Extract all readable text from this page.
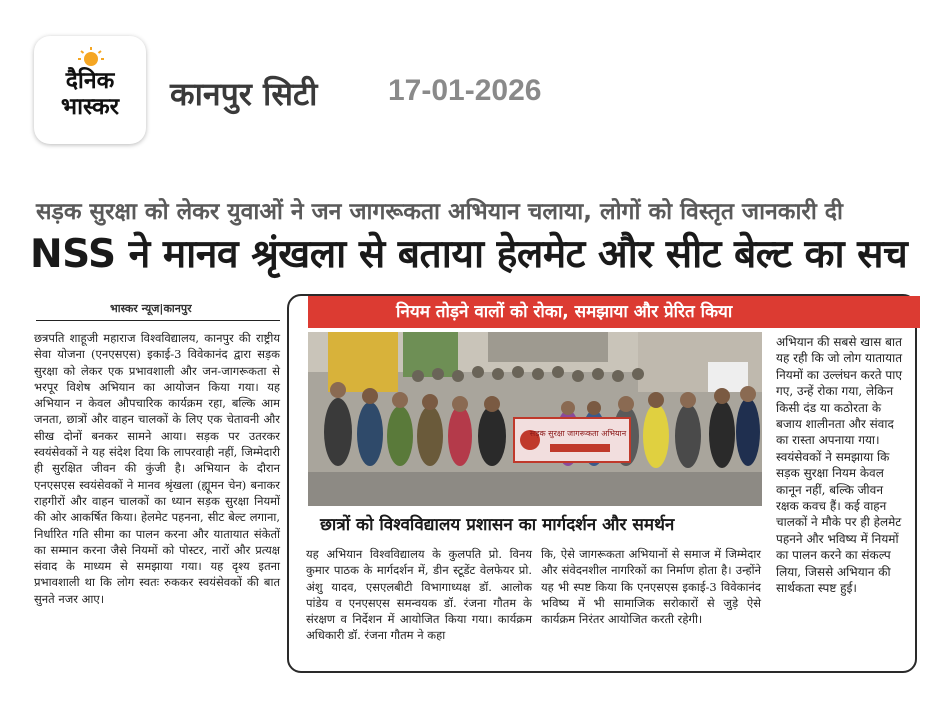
दैनिक
भास्कर	कानपुर सिटी 17-01-2026
सड़क सुरक्षा को लेकर युवाओं ने जन जागरूकता अभियान चलाया, लोगों को विस्तृत जानकारी दी
NSS ने मानव श्रृंखला से बताया हेलमेट और सीट बेल्ट का सच
भास्कर न्यूज|कानपुर
छत्रपति शाहूजी महाराज विश्वविद्यालय, कानपुर की राष्ट्रीय सेवा योजना (एनएसएस) इकाई-3 विवेकानंद द्वारा सड़क सुरक्षा को लेकर एक प्रभावशाली और जन-जागरूकता से भरपूर विशेष अभियान का आयोजन किया गया। यह अभियान न केवल औपचारिक कार्यक्रम रहा, बल्कि आम जनता, छात्रों और वाहन चालकों के लिए एक चेतावनी और सीख दोनों बनकर सामने आया। सड़क पर उतरकर स्वयंसेवकों ने यह संदेश दिया कि लापरवाही नहीं, जिम्मेदारी ही सुरक्षित जीवन की कुंजी है। अभियान के दौरान एनएसएस स्वयंसेवकों ने मानव श्रृंखला (ह्यूमन चेन) बनाकर राहगीरों और वाहन चालकों का ध्यान सड़क सुरक्षा नियमों की ओर आकर्षित किया। हेलमेट पहनना, सीट बेल्ट लगाना, निर्धारित गति सीमा का पालन करना और यातायात संकेतों का सम्मान करना जैसे नियमों को पोस्टर, नारों और प्रत्यक्ष संवाद के माध्यम से समझाया गया। यह दृश्य इतना प्रभावशाली था कि लोग स्वतः रुककर स्वयंसेवकों की बात सुनते नजर आए।
नियम तोड़ने वालों को रोका, समझाया और प्रेरित किया
सड़क सुरक्षा जागरूकता अभियान
छात्रों को विश्वविद्यालय प्रशासन का मार्गदर्शन और समर्थन
यह अभियान विश्वविद्यालय के कुलपति प्रो. विनय कुमार पाठक के मार्गदर्शन में, डीन स्टूडेंट वेलफेयर प्रो. अंशु यादव, एसएलबीटी विभागाध्यक्ष डॉ. आलोक पांडेय व एनएसएस समन्वयक डॉ. रंजना गौतम के संरक्षण व निर्देशन में आयोजित किया गया। कार्यक्रम अधिकारी डॉ. रंजना गौतम ने कहा
कि, ऐसे जागरूकता अभियानों से समाज में जिम्मेदार और संवेदनशील नागरिकों का निर्माण होता है। उन्होंने यह भी स्पष्ट किया कि एनएसएस इकाई-3 विवेकानंद भविष्य में भी सामाजिक सरोकारों से जुड़े ऐसे कार्यक्रम निरंतर आयोजित करती रहेगी।
अभियान की सबसे खास बात यह रही कि जो लोग यातायात नियमों का उल्लंघन करते पाए गए, उन्हें रोका गया, लेकिन किसी दंड या कठोरता के बजाय शालीनता और संवाद का रास्ता अपनाया गया। स्वयंसेवकों ने समझाया कि सड़क सुरक्षा नियम केवल कानून नहीं, बल्कि जीवन रक्षक कवच हैं। कई वाहन चालकों ने मौके पर ही हेलमेट पहनने और भविष्य में नियमों का पालन करने का संकल्प लिया, जिससे अभियान की सार्थकता स्पष्ट हुई।
